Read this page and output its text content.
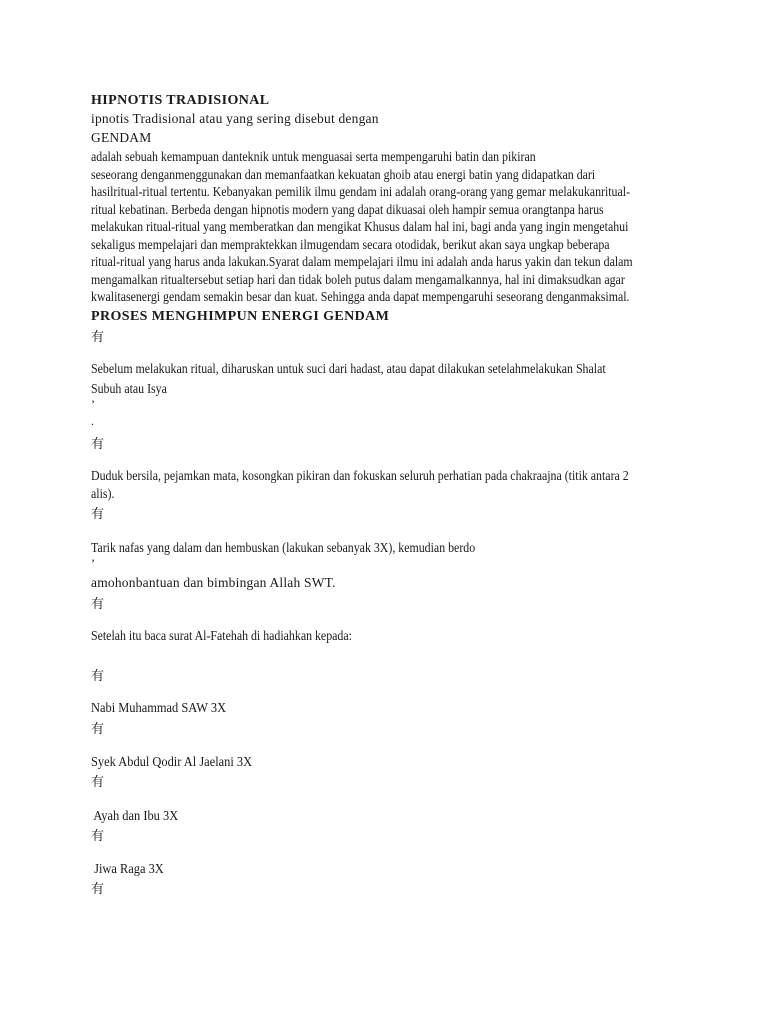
HIPNOTIS TRADISIONAL
ipnotis Tradisional atau yang sering disebut dengan
GENDAM
adalah sebuah kemampuan danteknik untuk menguasai serta mempengaruhi batin dan pikiran
seseorang denganmenggunakan dan memanfaatkan kekuatan ghoib atau energi batin yang didapatkan dari
hasilritual-ritual tertentu. Kebanyakan pemilik ilmu gendam ini adalah orang-orang yang gemar melakukanritual-
ritual kebatinan. Berbeda dengan hipnotis modern yang dapat dikuasai oleh hampir semua orangtanpa harus
melakukan ritual-ritual yang memberatkan dan mengikat Khusus dalam hal ini, bagi anda yang ingin mengetahui
sekaligus mempelajari dan mempraktekkan ilmugendam secara otodidak, berikut akan saya ungkap beberapa
ritual-ritual yang harus anda lakukan.Syarat dalam mempelajari ilmu ini adalah anda harus yakin dan tekun dalam
mengamalkan ritualtersebut setiap hari dan tidak boleh putus dalam mengamalkannya, hal ini dimaksudkan agar
kwalitasenergi gendam semakin besar dan kuat. Sehingga anda dapat mempengaruhi seseorang denganmaksimal.
PROSES MENGHIMPUN ENERGI GENDAM
有
Sebelum melakukan ritual, diharuskan untuk suci dari hadast, atau dapat dilakukan setelahmelakukan Shalat
Subuh atau Isya
’
.
有
Duduk bersila, pejamkan mata, kosongkan pikiran dan fokuskan seluruh perhatian pada chakraajna (titik antara 2
alis).
有
Tarik nafas yang dalam dan hembuskan (lakukan sebanyak 3X), kemudian berdo
’
amohonbantuan dan bimbingan Allah SWT.
有
Setelah itu baca surat Al-Fatehah di hadiahkan kepada:
有
Nabi Muhammad SAW 3X
有
Syek Abdul Qodir Al Jaelani 3X
有
Ayah dan Ibu 3X
有
Jiwa Raga 3X
有
